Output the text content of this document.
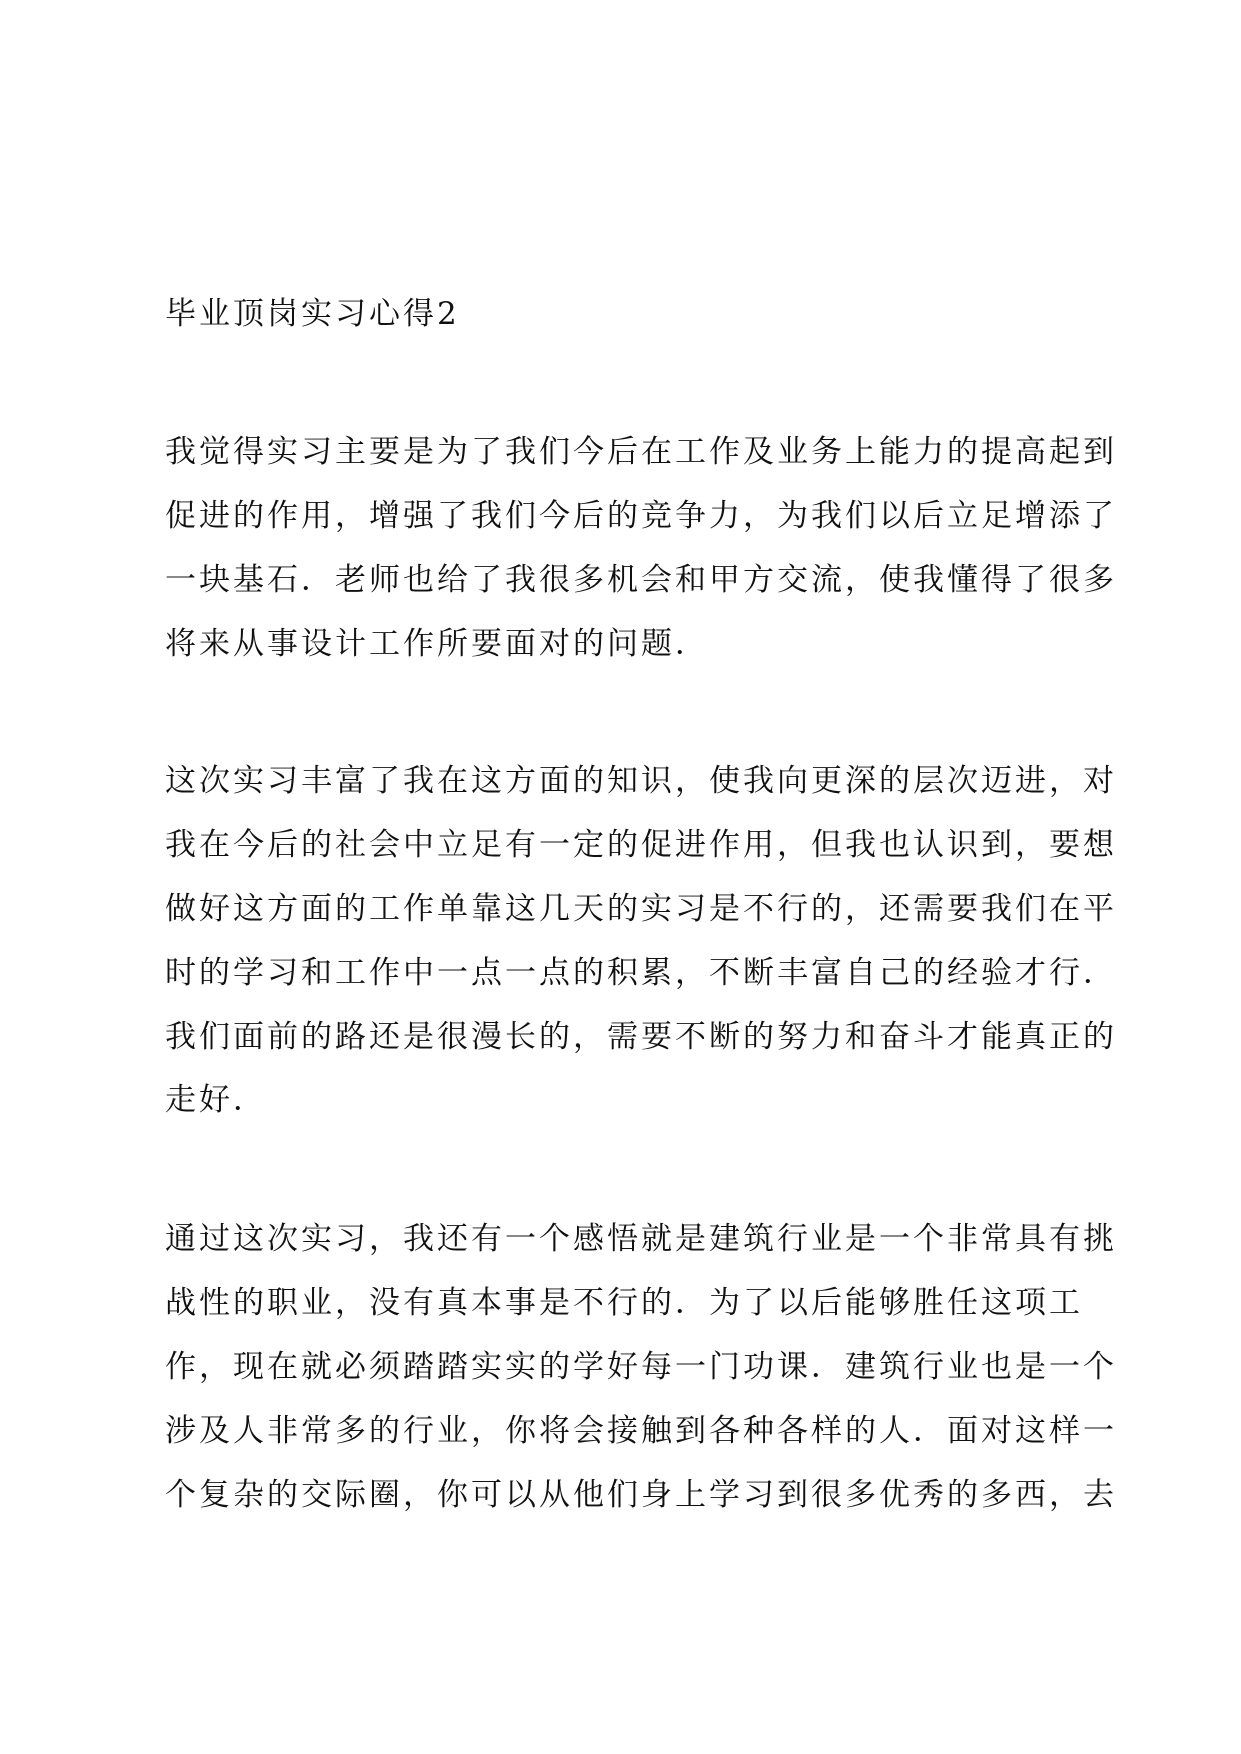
毕业顶岗实习心得2
我觉得实习主要是为了我们今后在工作及业务上能力的提高起到
促进的作用，增强了我们今后的竞争力，为我们以后立足增添了
一块基石．老师也给了我很多机会和甲方交流，使我懂得了很多
将来从事设计工作所要面对的问题．
这次实习丰富了我在这方面的知识，使我向更深的层次迈进，对
我在今后的社会中立足有一定的促进作用，但我也认识到，要想
做好这方面的工作单靠这几天的实习是不行的，还需要我们在平
时的学习和工作中一点一点的积累，不断丰富自己的经验才行．
我们面前的路还是很漫长的，需要不断的努力和奋斗才能真正的
走好．
通过这次实习，我还有一个感悟就是建筑行业是一个非常具有挑
战性的职业，没有真本事是不行的．为了以后能够胜任这项工
作，现在就必须踏踏实实的学好每一门功课．建筑行业也是一个
涉及人非常多的行业，你将会接触到各种各样的人．面对这样一
个复杂的交际圈，你可以从他们身上学习到很多优秀的多西，去
